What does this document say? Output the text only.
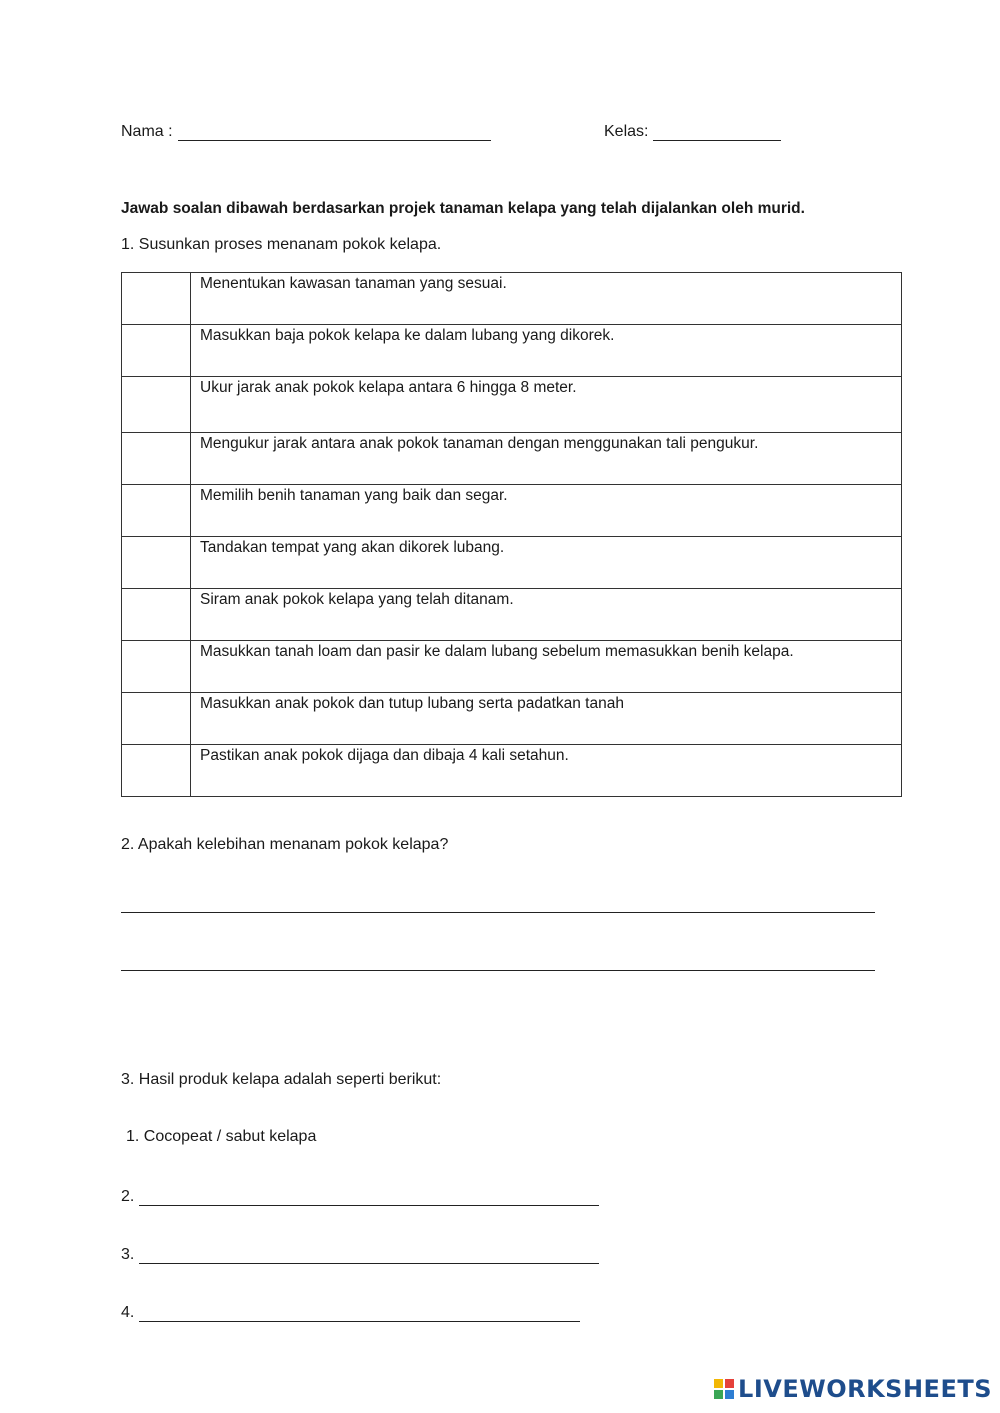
Nama :	Kelas:
Jawab soalan dibawah berdasarkan projek tanaman kelapa yang telah dijalankan oleh murid.
1. Susunkan proses menanam pokok kelapa.
	Menentukan kawasan tanaman yang sesuai.
	Masukkan baja pokok kelapa ke dalam lubang yang dikorek.
	Ukur jarak anak pokok kelapa antara 6 hingga 8 meter.
	Mengukur jarak antara anak pokok tanaman dengan menggunakan tali pengukur.
	Memilih benih tanaman yang baik dan segar.
	Tandakan tempat yang akan dikorek lubang.
	Siram anak pokok kelapa yang telah ditanam.
	Masukkan tanah loam dan pasir ke dalam lubang sebelum memasukkan benih kelapa.
	Masukkan anak pokok dan tutup lubang serta padatkan tanah
	Pastikan anak pokok dijaga dan dibaja 4 kali setahun.
2. Apakah kelebihan menanam pokok kelapa?
3. Hasil produk kelapa adalah seperti berikut:
1. Cocopeat / sabut kelapa
2.
3.
4.
LIVEWORKSHEETS
